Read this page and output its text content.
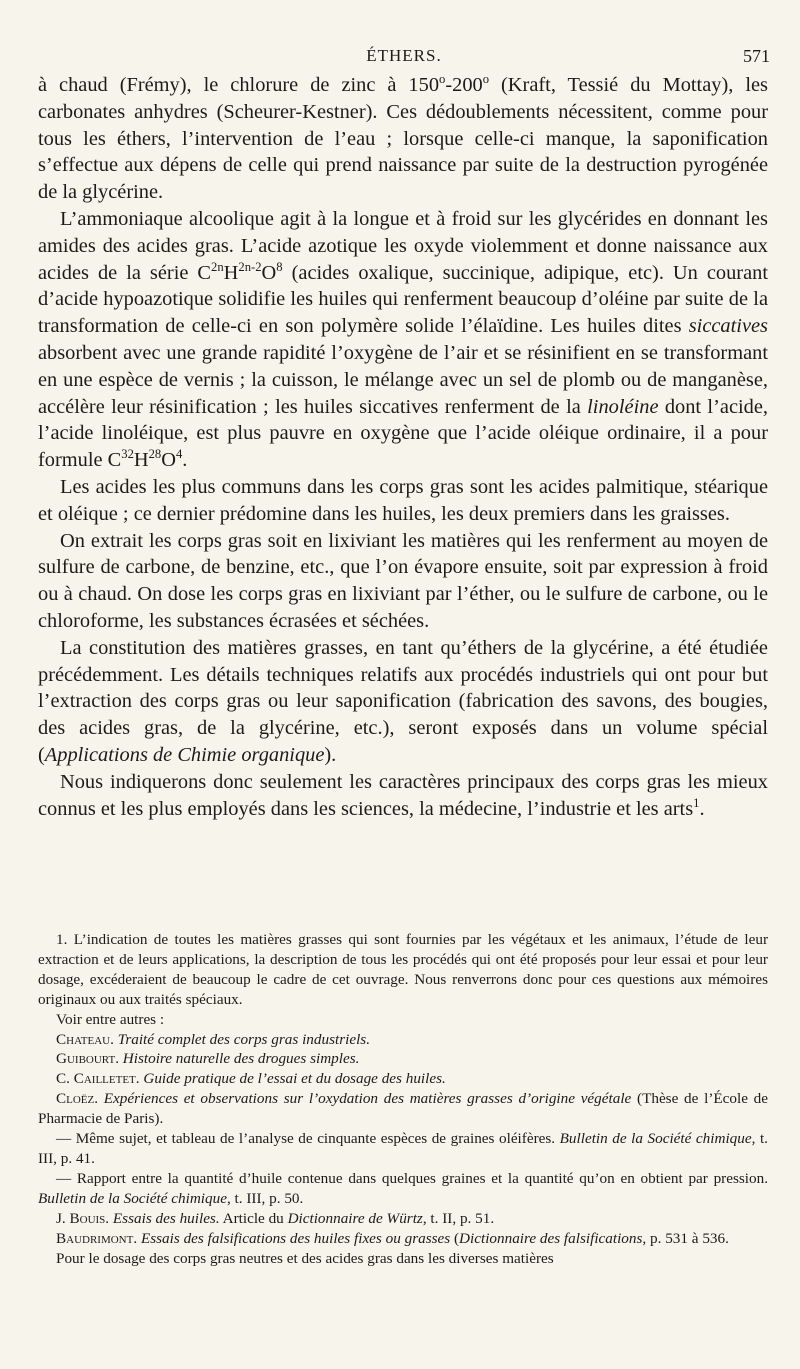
ÉTHERS.	571

à chaud (Frémy), le chlorure de zinc à 150$^o$-200$^o$ (Kraft, Tessié du Mottay), les carbonates anhydres (Scheurer-Kestner). Ces dédoublements nécessitent, comme pour tous les éthers, l’intervention de l’eau ; lorsque celle-ci manque, la saponification s’effectue aux dépens de celle qui prend naissance par suite de la destruction pyrogénée de la glycérine.

L’ammoniaque alcoolique agit à la longue et à froid sur les glycérides en donnant les amides des acides gras. L’acide azotique les oxyde violemment et donne naissance aux acides de la série $C^{2n}H^{2n-2}O^8$ (acides oxalique, succinique, adipique, etc). Un courant d’acide hypoazotique solidifie les huiles qui renferment beaucoup d’oléine par suite de la transformation de celle-ci en son polymère solide l’élaïdine. Les huiles dites siccatives absorbent avec une grande rapidité l’oxygène de l’air et se résinifient en se transformant en une espèce de vernis ; la cuisson, le mélange avec un sel de plomb ou de manganèse, accélère leur résinification ; les huiles siccatives renferment de la linoléine dont l’acide, l’acide linoléique, est plus pauvre en oxygène que l’acide oléique ordinaire, il a pour formule $C^{32}H^{28}O^4$.

Les acides les plus communs dans les corps gras sont les acides palmitique, stéarique et oléique ; ce dernier prédomine dans les huiles, les deux premiers dans les graisses.

On extrait les corps gras soit en lixiviant les matières qui les renferment au moyen de sulfure de carbone, de benzine, etc., que l’on évapore ensuite, soit par expression à froid ou à chaud. On dose les corps gras en lixiviant par l’éther, ou le sulfure de carbone, ou le chloroforme, les substances écrasées et séchées.

La constitution des matières grasses, en tant qu’éthers de la glycérine, a été étudiée précédemment. Les détails techniques relatifs aux procédés industriels qui ont pour but l’extraction des corps gras ou leur saponification (fabrication des savons, des bougies, des acides gras, de la glycérine, etc.), seront exposés dans un volume spécial (Applications de Chimie organique).

Nous indiquerons donc seulement les caractères principaux des corps gras les mieux connus et les plus employés dans les sciences, la médecine, l’industrie et les arts$^1$.

1. L’indication de toutes les matières grasses qui sont fournies par les végétaux et les animaux, l’étude de leur extraction et de leurs applications, la description de tous les procédés qui ont été proposés pour leur essai et pour leur dosage, excéderaient de beaucoup le cadre de cet ouvrage. Nous renverrons donc pour ces questions aux mémoires originaux ou aux traités spéciaux.

Voir entre autres :

Chateau. Traité complet des corps gras industriels.

Guibourt. Histoire naturelle des drogues simples.

C. Cailletet. Guide pratique de l’essai et du dosage des huiles.

Cloëz. Expériences et observations sur l’oxydation des matières grasses d’origine végétale (Thèse de l’École de Pharmacie de Paris).

— Même sujet, et tableau de l’analyse de cinquante espèces de graines oléifères. Bulletin de la Société chimique, t. III, p. 41.

— Rapport entre la quantité d’huile contenue dans quelques graines et la quantité qu’on en obtient par pression. Bulletin de la Société chimique, t. III, p. 50.

J. Bouis. Essais des huiles. Article du Dictionnaire de Würtz, t. II, p. 51.

Baudrimont. Essais des falsifications des huiles fixes ou grasses (Dictionnaire des falsifications, p. 531 à 536.

Pour le dosage des corps gras neutres et des acides gras dans les diverses matières
